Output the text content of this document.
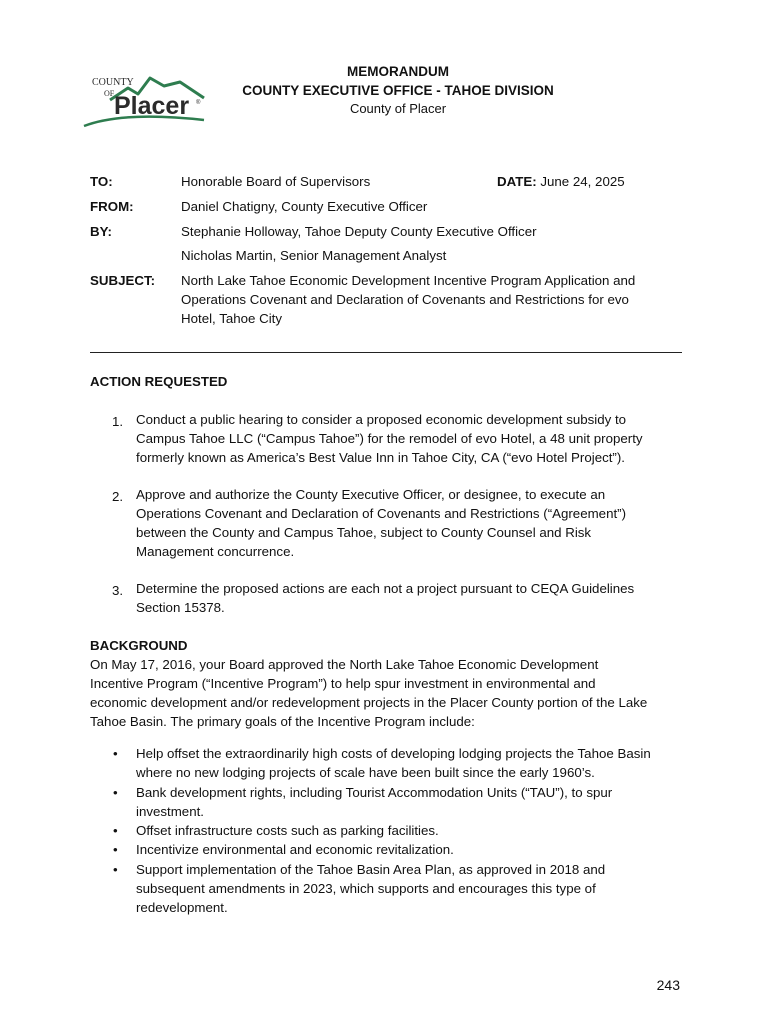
COUNTY
OF Placer ®
MEMORANDUM
COUNTY EXECUTIVE OFFICE - TAHOE DIVISION
County of Placer
TO:	Honorable Board of Supervisors	DATE: June 24, 2025
FROM:	Daniel Chatigny, County Executive Officer
BY:	Stephanie Holloway, Tahoe Deputy County Executive Officer
Nicholas Martin, Senior Management Analyst
SUBJECT: North Lake Tahoe Economic Development Incentive Program Application and
Operations Covenant and Declaration of Covenants and Restrictions for evo
Hotel, Tahoe City
ACTION REQUESTED
1. Conduct a public hearing to consider a proposed economic development subsidy to
Campus Tahoe LLC (“Campus Tahoe”) for the remodel of evo Hotel, a 48 unit property
formerly known as America’s Best Value Inn in Tahoe City, CA (“evo Hotel Project”).
2. Approve and authorize the County Executive Officer, or designee, to execute an
Operations Covenant and Declaration of Covenants and Restrictions (“Agreement”)
between the County and Campus Tahoe, subject to County Counsel and Risk
Management concurrence.
3. Determine the proposed actions are each not a project pursuant to CEQA Guidelines
Section 15378.
BACKGROUND
On May 17, 2016, your Board approved the North Lake Tahoe Economic Development
Incentive Program (“Incentive Program”) to help spur investment in environmental and
economic development and/or redevelopment projects in the Placer County portion of the Lake
Tahoe Basin. The primary goals of the Incentive Program include:
• Help offset the extraordinarily high costs of developing lodging projects the Tahoe Basin
where no new lodging projects of scale have been built since the early 1960’s.
• Bank development rights, including Tourist Accommodation Units (“TAU”), to spur
investment.
• Offset infrastructure costs such as parking facilities.
• Incentivize environmental and economic revitalization.
• Support implementation of the Tahoe Basin Area Plan, as approved in 2018 and
subsequent amendments in 2023, which supports and encourages this type of
redevelopment.
243
